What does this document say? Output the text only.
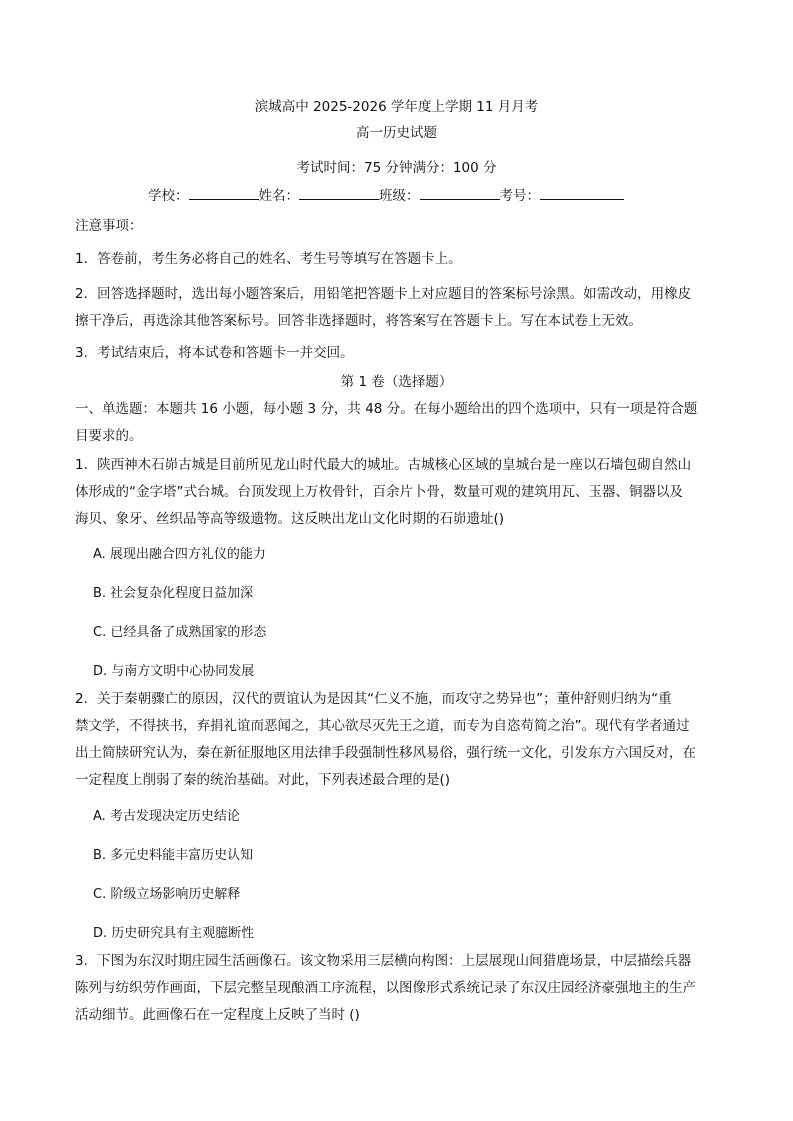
滨城高中 2025-2026 学年度上学期 11 月月考
高一历史试题
考试时间：75 分钟满分：100 分
学校：	姓名：	班级：	考号：
注意事项：
1．答卷前，考生务必将自己的姓名、考生号等填写在答题卡上。
2．回答选择题时，选出每小题答案后，用铅笔把答题卡上对应题目的答案标号涂黑。如需改动，用橡皮
擦干净后，再选涂其他答案标号。回答非选择题时，将答案写在答题卡上。写在本试卷上无效。
3．考试结束后，将本试卷和答题卡一并交回。
第 1 卷（选择题）
一、单选题：本题共 16 小题，每小题 3 分，共 48 分。在每小题给出的四个选项中，只有一项是符合题
目要求的。
1．陕西神木石峁古城是目前所见龙山时代最大的城址。古城核心区域的皇城台是一座以石墙包砌自然山
体形成的“金字塔”式台城。台顶发现上万枚骨针，百余片卜骨，数量可观的建筑用瓦、玉器、铜器以及
海贝、象牙、丝织品等高等级遗物。这反映出龙山文化时期的石峁遗址()
A. 展现出融合四方礼仪的能力
B. 社会复杂化程度日益加深
C. 已经具备了成熟国家的形态
D. 与南方文明中心协同发展
2．关于秦朝骤亡的原因，汉代的贾谊认为是因其“仁义不施，而攻守之势异也”；董仲舒则归纳为“重
禁文学，不得挟书，弃捐礼谊而恶闻之，其心欲尽灭先王之道，而专为自恣苟简之治”。现代有学者通过
出土简牍研究认为，秦在新征服地区用法律手段强制性移风易俗，强行统一文化，引发东方六国反对，在
一定程度上削弱了秦的统治基础。对此，下列表述最合理的是()
A. 考古发现决定历史结论
B. 多元史料能丰富历史认知
C. 阶级立场影响历史解释
D. 历史研究具有主观臆断性
3．下图为东汉时期庄园生活画像石。该文物采用三层横向构图：上层展现山间猎鹿场景，中层描绘兵器
陈列与纺织劳作画面，下层完整呈现酿酒工序流程，以图像形式系统记录了东汉庄园经济豪强地主的生产
活动细节。此画像石在一定程度上反映了当时 ()
